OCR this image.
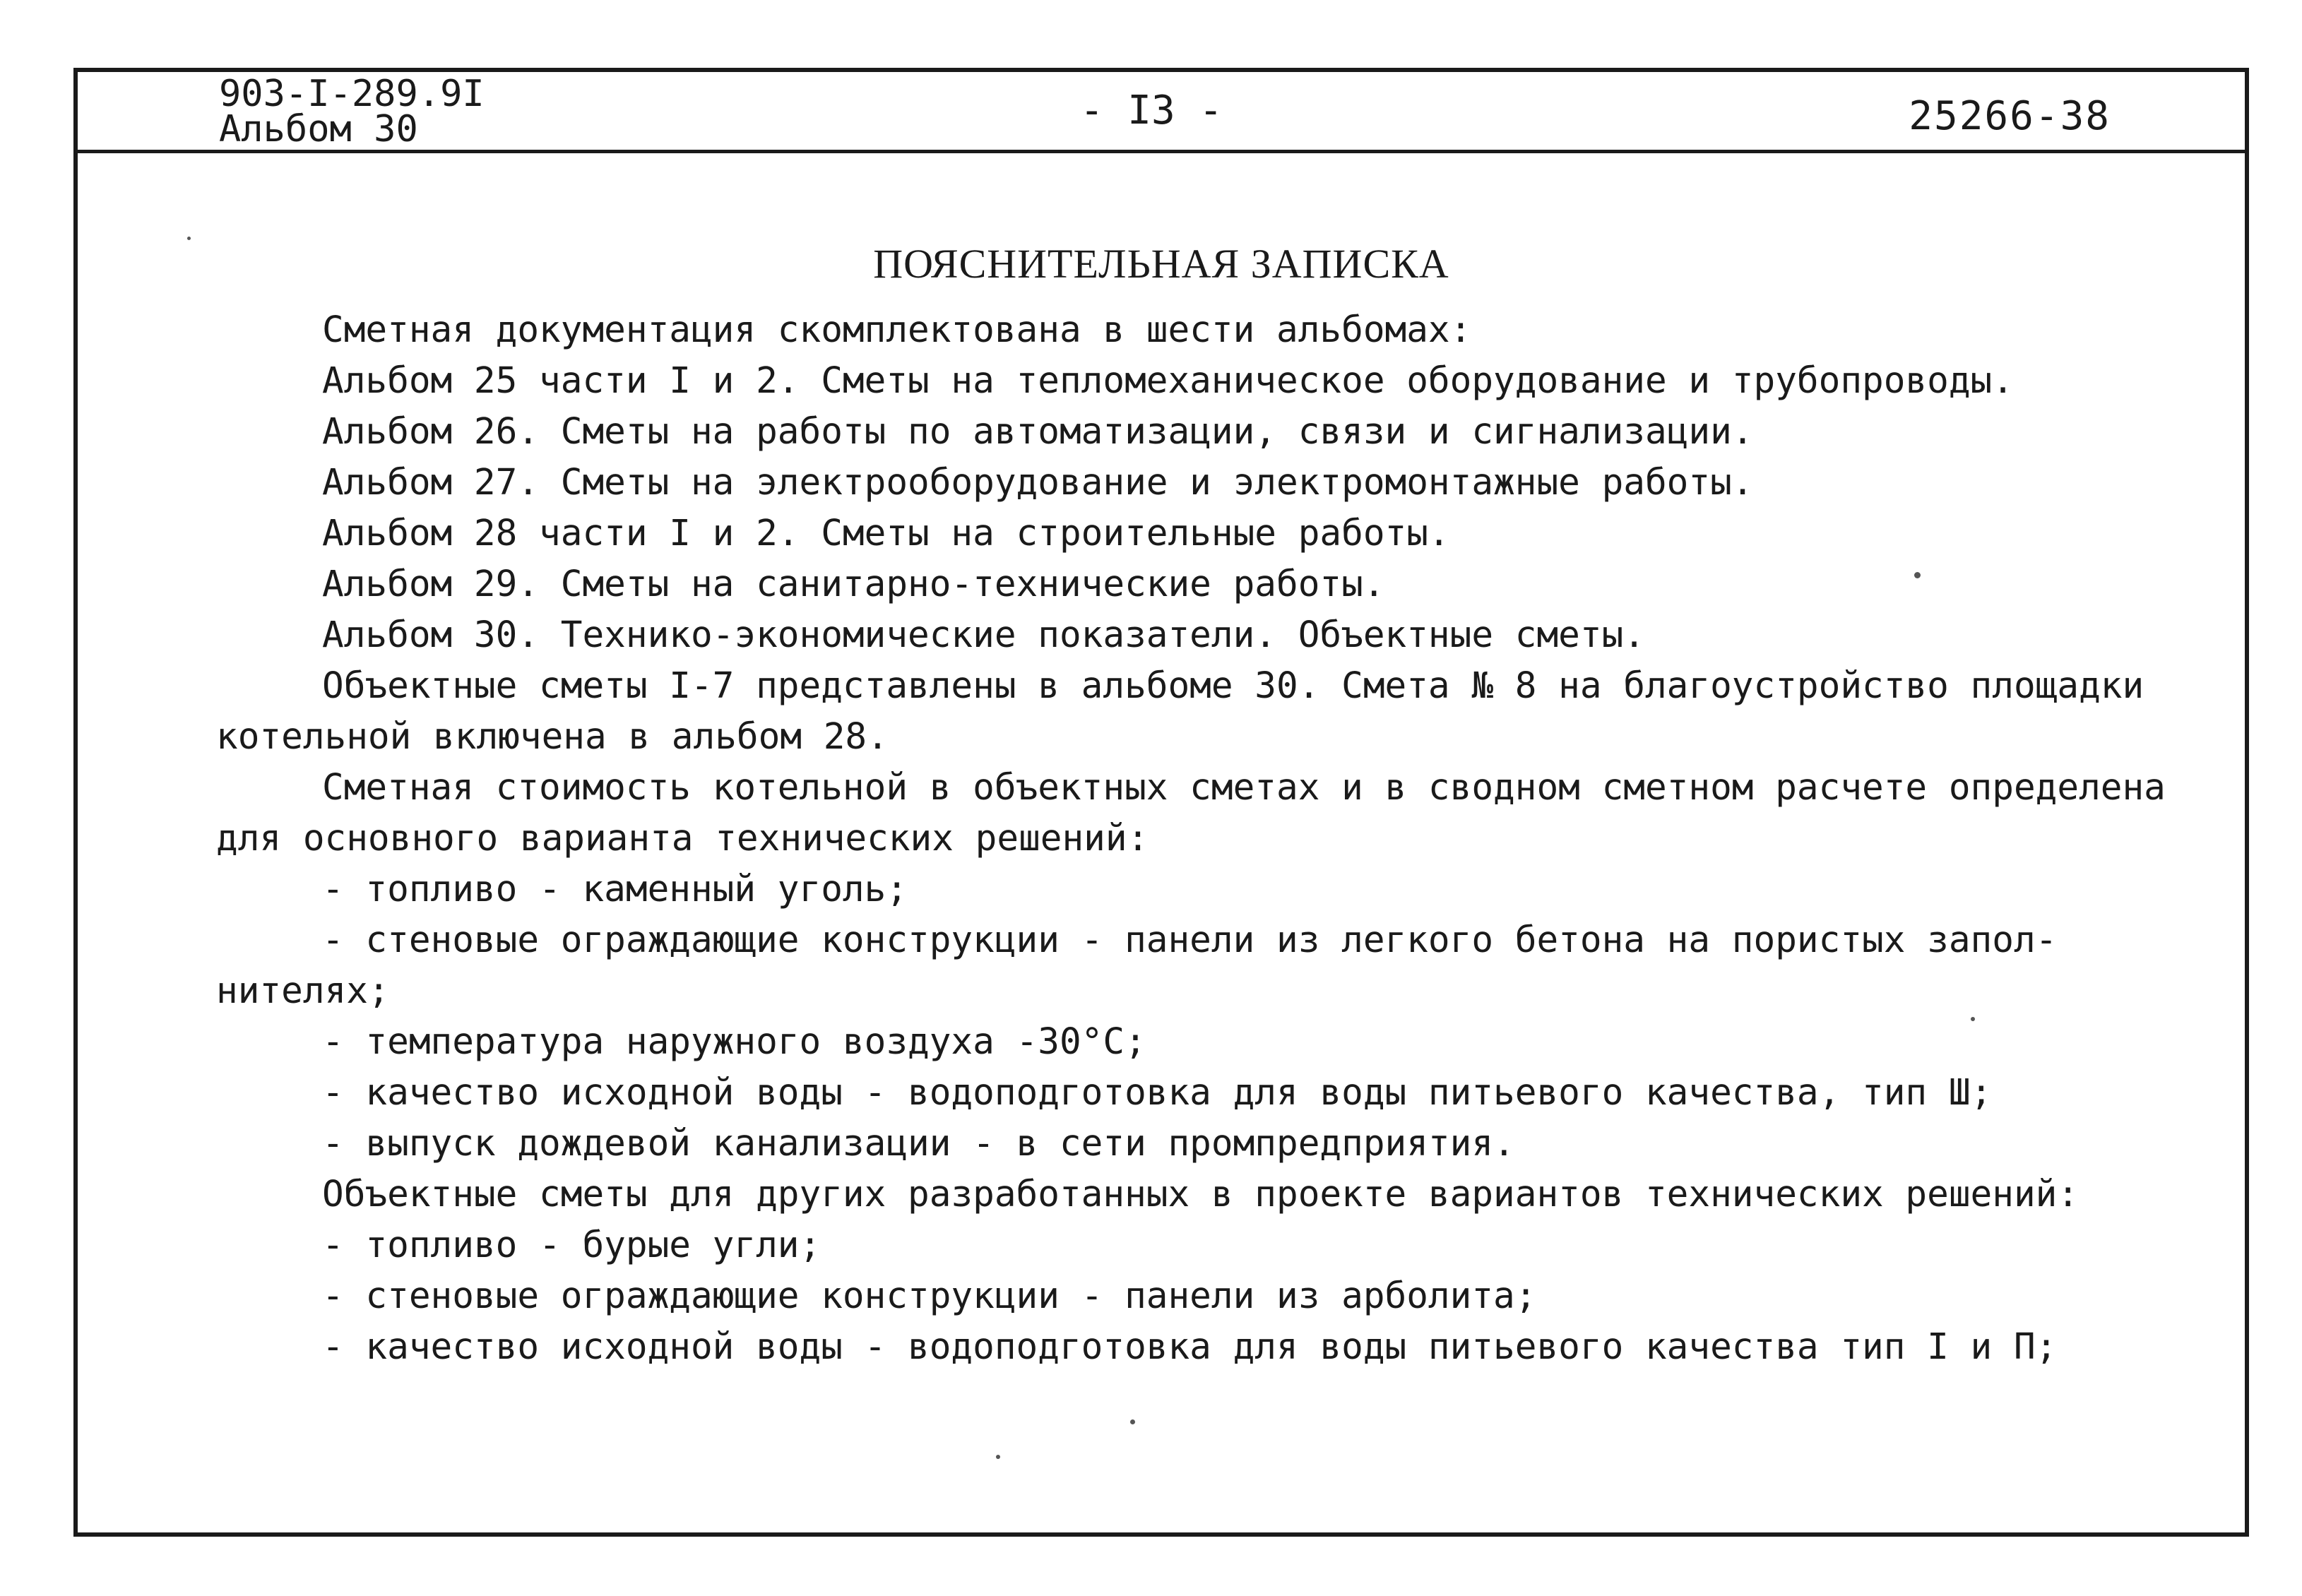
903-I-289.9I
Альбом 30	- I3 -	25266-38
ПОЯСНИТЕЛЬНАЯ ЗАПИСКА
Сметная документация скомплектована в шести альбомах:
Альбом 25 части I и 2. Сметы на тепломеханическое оборудование и трубопроводы.
Альбом 26. Сметы на работы по автоматизации, связи и сигнализации.
Альбом 27. Сметы на электрооборудование и электромонтажные работы.
Альбом 28 части I и 2. Сметы на строительные работы.
Альбом 29. Сметы на санитарно-технические работы.
Альбом 30. Технико-экономические показатели. Объектные сметы.
Объектные сметы I-7 представлены в альбоме 30. Смета № 8 на благоустройство площадки
котельной включена в альбом 28.
Сметная стоимость котельной в объектных сметах и в сводном сметном расчете определена
для основного варианта технических решений:
- топливо - каменный уголь;
- стеновые ограждающие конструкции - панели из легкого бетона на пористых запол-
нителях;
- температура наружного воздуха -30°С;
- качество исходной воды - водоподготовка для воды питьевого качества, тип Ш;
- выпуск дождевой канализации - в сети промпредприятия.
Объектные сметы для других разработанных в проекте вариантов технических решений:
- топливо - бурые угли;
- стеновые ограждающие конструкции - панели из арболита;
- качество исходной воды - водоподготовка для воды питьевого качества тип I и П;
